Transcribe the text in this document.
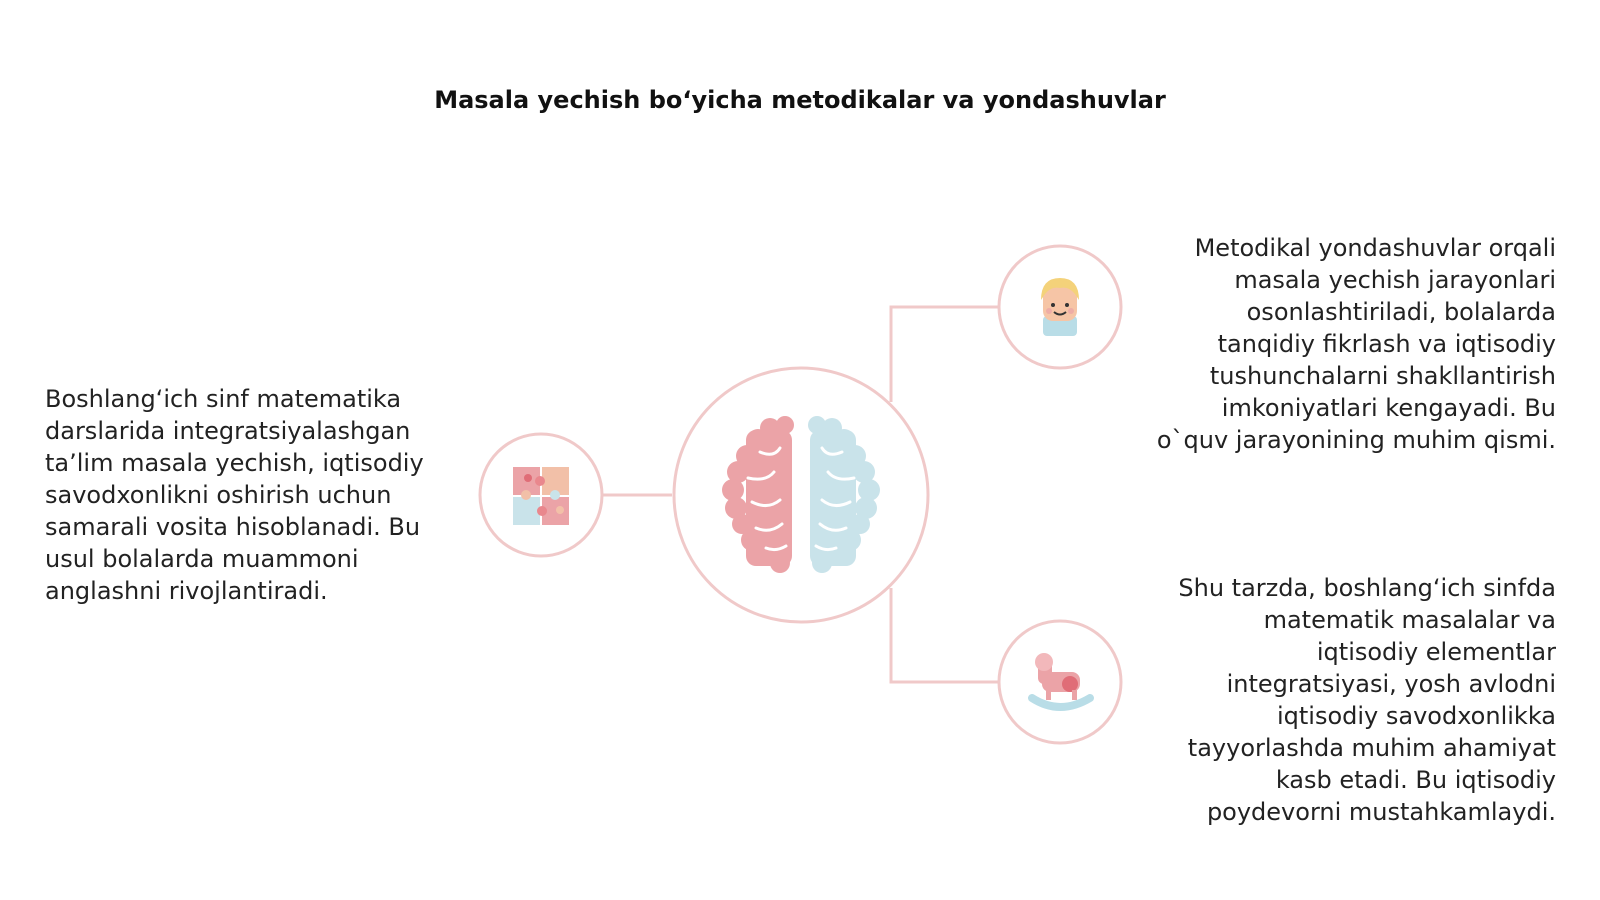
Masala yechish bo‘yicha metodikalar va yondashuvlar
Boshlang‘ich sinf matematika darslarida integratsiyalashgan ta’lim masala yechish, iqtisodiy savodxonlikni oshirish uchun samarali vosita hisoblanadi. Bu usul bolalarda muammoni anglashni rivojlantiradi.
Metodikal yondashuvlar orqali masala yechish jarayonlari osonlashtiriladi, bolalarda tanqidiy fikrlash va iqtisodiy tushunchalarni shakllantirish imkoniyatlari kengayadi. Bu o`quv jarayonining muhim qismi.
Shu tarzda, boshlang‘ich sinfda matematik masalalar va iqtisodiy elementlar integratsiyasi, yosh avlodni iqtisodiy savodxonlikka tayyorlashda muhim ahamiyat kasb etadi. Bu iqtisodiy poydevorni mustahkamlaydi.
